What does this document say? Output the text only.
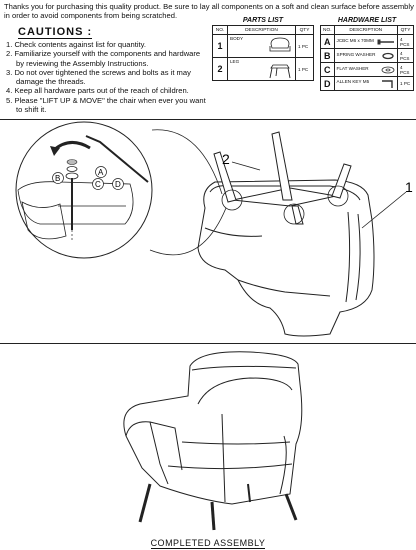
Thanks you for purchasing this quality product. Be sure to lay all components on a soft and clean surface before assembly in order to avoid components from being scratched.
CAUTIONS :
1. Check contents against list for quantity.
2. Familiarize yourself with the components and hardware by reviewing the Assembly Instructions.
3. Do not over tightened the screws and bolts as it may damage the threads.
4. Keep all hardware parts out of the reach of children.
5. Please "LIFT UP & MOVE" the chair when ever you want to shift it.
PARTS LIST
NO.	DESCRIPTION	QTY
1	BODY	1 PC
2	LEG	1 PC
HARDWARE LIST
NO.	DESCRIPTION	QTY
A	JCBC M6 x 70MM	4 PCS
B	SPRING WASHER	4 PCS
C	FLAT WASHER	4 PCS
D	ALLEN KEY M5	1 PC
2
1
A
B
C D
COMPLETED ASSEMBLY
